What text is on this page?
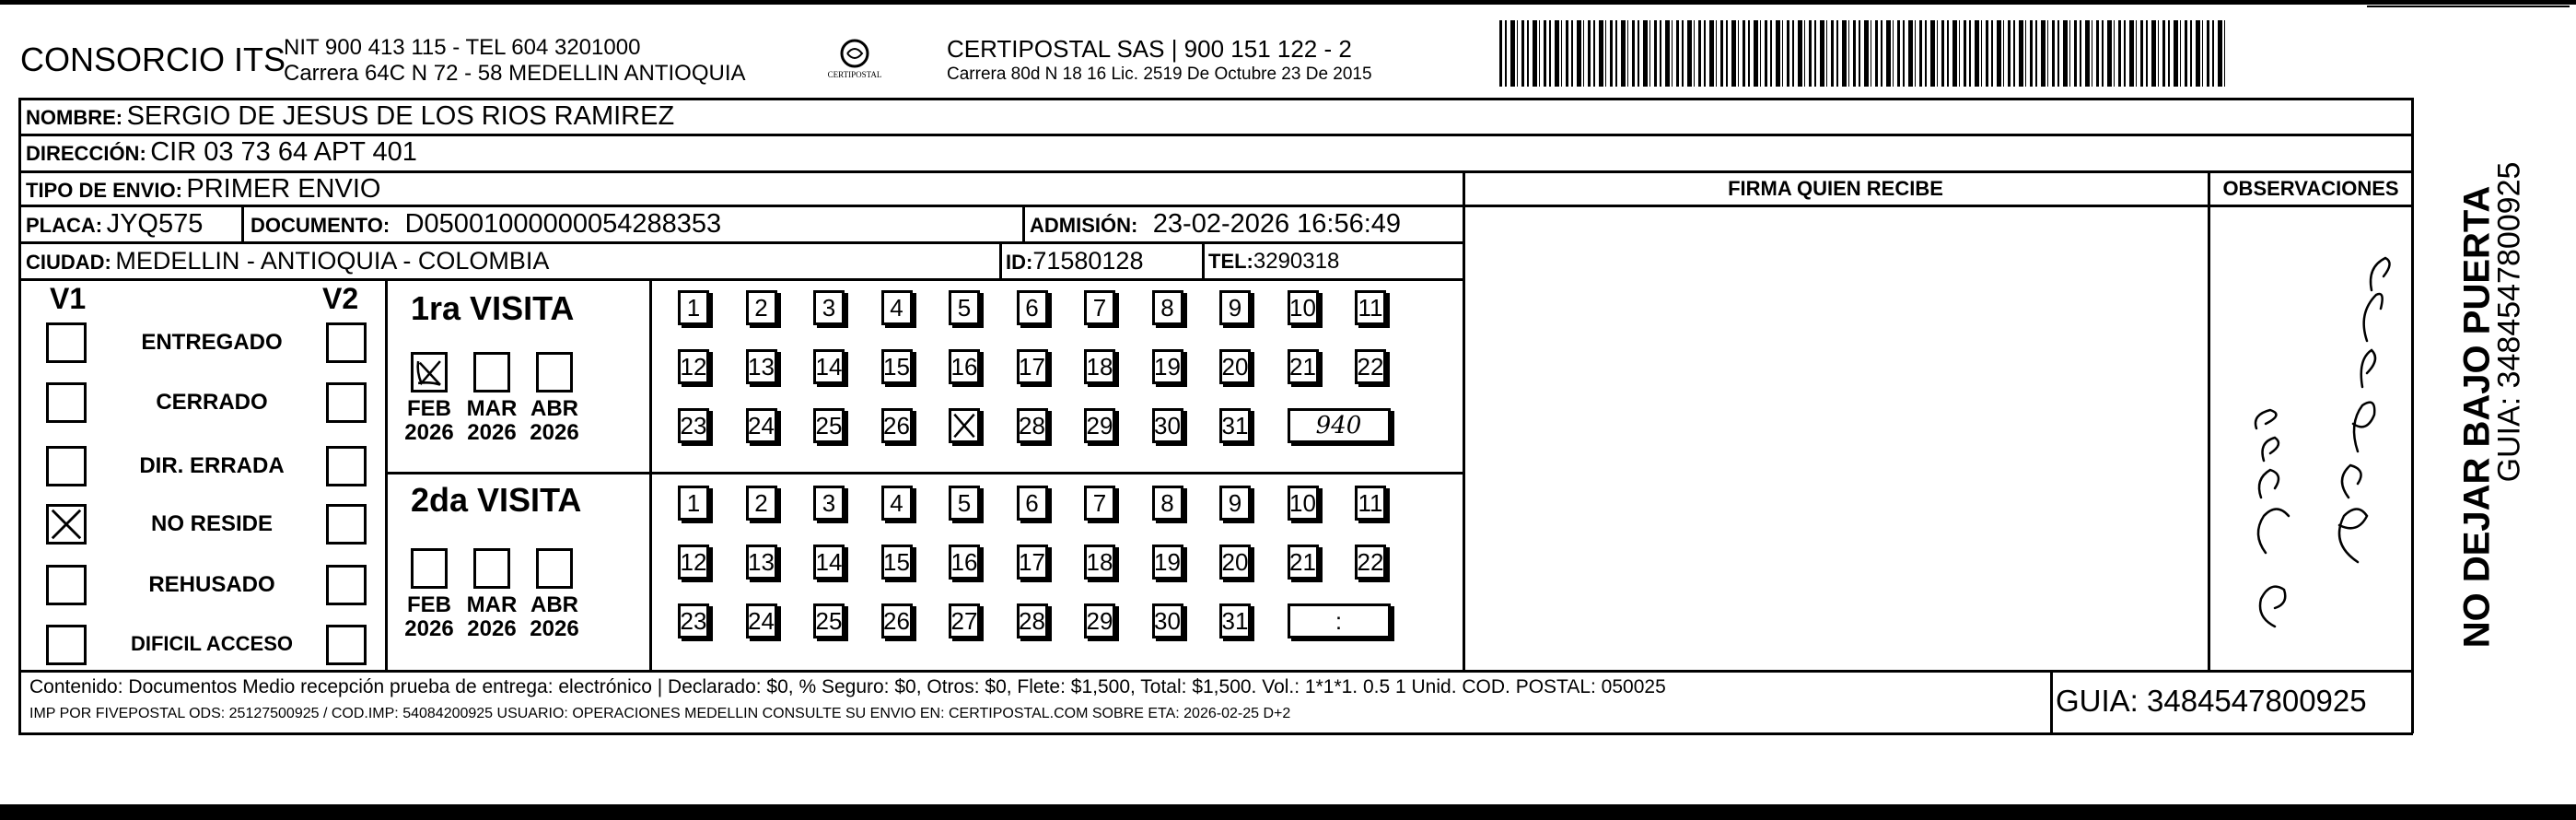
CONSORCIO ITS
NIT 900 413 115 - TEL 604 3201000
Carrera 64C N 72 - 58 MEDELLIN ANTIOQUIA	CERTIPOSTAL
CERTIPOSTAL SAS | 900 151 122 - 2
Carrera 80d N 18 16 Lic. 2519 De Octubre 23 De 2015
NOMBRE: SERGIO DE JESUS DE LOS RIOS RAMIREZ
DIRECCIÓN: CIR 03 73 64 APT 401
TIPO DE ENVIO: PRIMER ENVIO
PLACA: JYQ575 DOCUMENTO: D05001000000054288353	ADMISIÓN: 23-02-2026 16:56:49
CIUDAD: MEDELLIN - ANTIOQUIA - COLOMBIA	ID:71580128	TEL:3290318
FIRMA QUIEN RECIBE	OBSERVACIONES
V1	V2
ENTREGADO
CERRADO
DIR. ERRADA
NO RESIDE
REHUSADO
DIFICIL ACCESO
1ra VISITA
2da VISITA
FEB
2026
MAR
2026
ABR
2026
FEB
2026
MAR
2026
ABR
2026
1	2	3	4	5	6	7	8	9	10 11
12 13 14 15 16 17 18 19 20 21 22
23 24 25 26	28 29 30 31	940
1	2	3	4	5	6	7	8	9	10 11
12 13 14 15 16 17 18 19 20 21 22
23 24 25 26 27 28 29 30 31	:
Contenido: Documentos Medio recepción prueba de entrega: electrónico | Declarado: $0, % Seguro: $0, Otros: $0, Flete: $1,500, Total: $1,500. Vol.: 1*1*1. 0.5 1 Unid. COD. POSTAL: 050025
IMP POR FIVEPOSTAL ODS: 25127500925 / COD.IMP: 54084200925 USUARIO: OPERACIONES MEDELLIN CONSULTE SU ENVIO EN: CERTIPOSTAL.COM SOBRE ETA: 2026-02-25 D+2	GUIA: 3484547800925
NO DEJAR BAJO PUERTA
GUIA: 3484547800925
